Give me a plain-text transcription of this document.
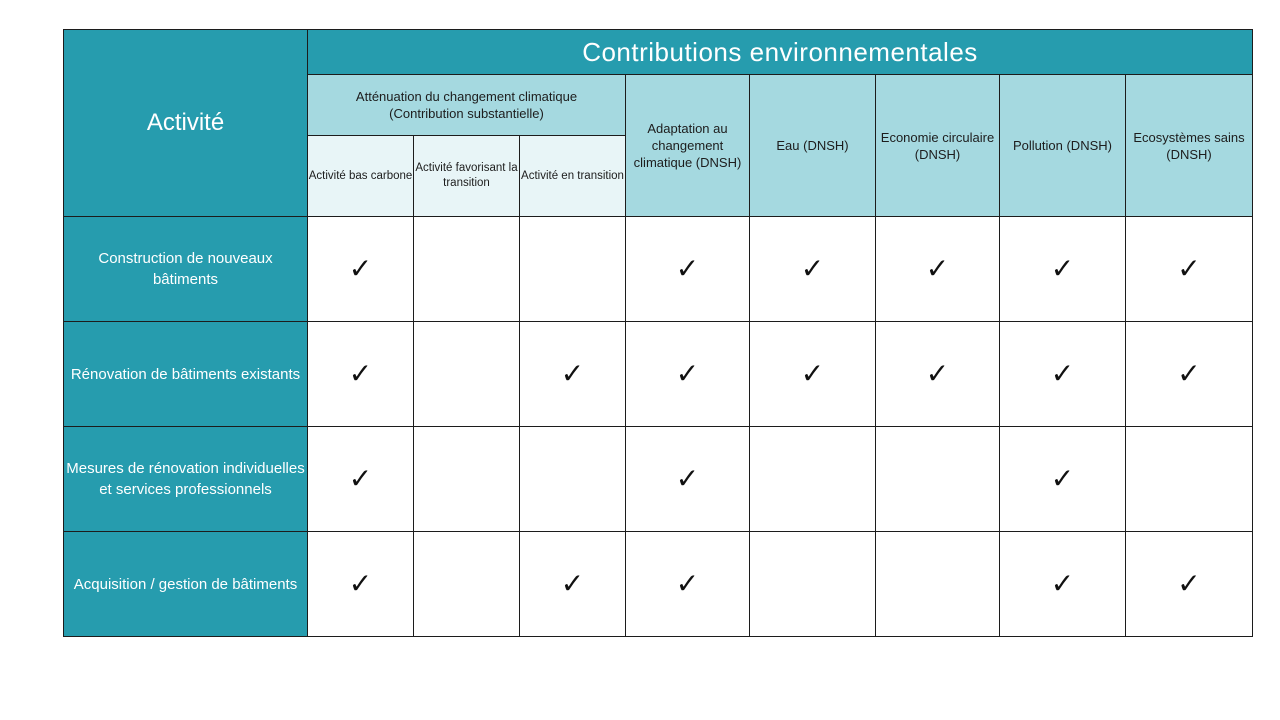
Activité	Contributions environnementales							

	Atténuation du changement climatique
(Contribution substantielle)			Adaptation au changement climatique (DNSH)	Eau (DNSH)	Economie circulaire (DNSH)	Pollution (DNSH)	Ecosystèmes sains (DNSH)
	Activité bas carbone	Activité favorisant la transition	Activité en transition					
Construction de nouveaux bâtiments	✓			✓	✓	✓	✓	✓
Rénovation de bâtiments existants	✓		✓	✓	✓	✓	✓	✓
Mesures de rénovation individuelles et services professionnels	✓			✓			✓	
Acquisition / gestion de bâtiments	✓		✓	✓			✓	✓
